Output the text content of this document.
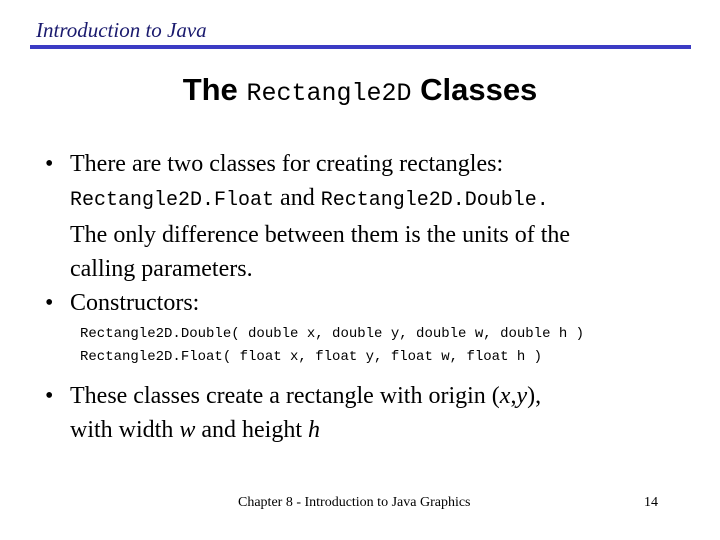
Introduction to Java
The Rectangle2D Classes
• There are two classes for creating rectangles:
Rectangle2D.Float and Rectangle2D.Double.
The only difference between them is the units of the
calling parameters.
• Constructors:
Rectangle2D.Double( double x, double y, double w, double h )
Rectangle2D.Float( float x, float y, float w, float h )
• These classes create a rectangle with origin (x,y),
with width w and height h
Chapter 8 - Introduction to Java Graphics	14
